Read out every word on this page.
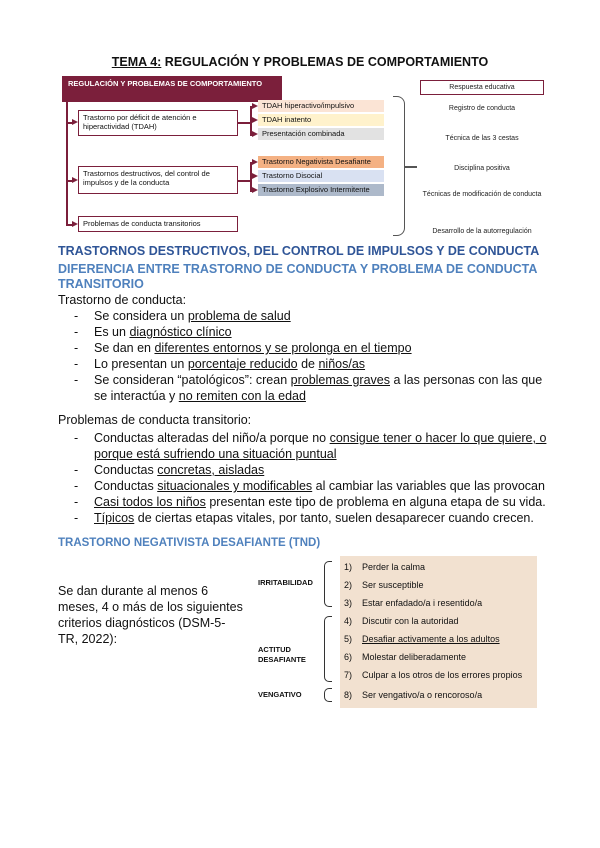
TEMA 4: REGULACIÓN Y PROBLEMAS DE COMPORTAMIENTO
REGULACIÓN Y PROBLEMAS DE COMPORTAMIENTO
Trastorno por déficit de atención e hiperactividad (TDAH)
TDAH hiperactivo/impulsivo
TDAH inatento
Presentación combinada
Trastornos destructivos, del control de impulsos y de la conducta
Trastorno Negativista Desafiante
Trastorno Disocial
Trastorno Explosivo Intermitente
Problemas de conducta transitorios
Respuesta educativa
Registro de conducta
Técnica de las 3 cestas
Disciplina positiva
Técnicas de modificación de conducta
Desarrollo de la autorregulación
TRASTORNOS DESTRUCTIVOS, DEL CONTROL DE IMPULSOS Y DE CONDUCTA
DIFERENCIA ENTRE TRASTORNO DE CONDUCTA Y PROBLEMA DE CONDUCTA TRANSITORIO
Trastorno de conducta:
- Se considera un problema de salud
- Es un diagnóstico clínico
- Se dan en diferentes entornos y se prolonga en el tiempo
- Lo presentan un porcentaje reducido de niños/as
- Se consideran “patológicos”: crean problemas graves a las personas con las que se interactúa y no remiten con la edad
Problemas de conducta transitorio:
- Conductas alteradas del niño/a porque no consigue tener o hacer lo que quiere, o porque está sufriendo una situación puntual
- Conductas concretas, aisladas
- Conductas situacionales y modificables al cambiar las variables que las provocan
- Casi todos los niños presentan este tipo de problema en alguna etapa de su vida.
- Típicos de ciertas etapas vitales, por tanto, suelen desaparecer cuando crecen.
TRASTORNO NEGATIVISTA DESAFIANTE (TND)
Se dan durante al menos 6 meses, 4 o más de los siguientes criterios diagnósticos (DSM-5-TR, 2022):
IRRITABILIDAD
ACTITUD DESAFIANTE
VENGATIVO
1) Perder la calma
2) Ser susceptible
3) Estar enfadado/a i resentido/a
4) Discutir con la autoridad
5) Desafiar activamente a los adultos
6) Molestar deliberadamente
7) Culpar a los otros de los errores propios
8) Ser vengativo/a o rencoroso/a
